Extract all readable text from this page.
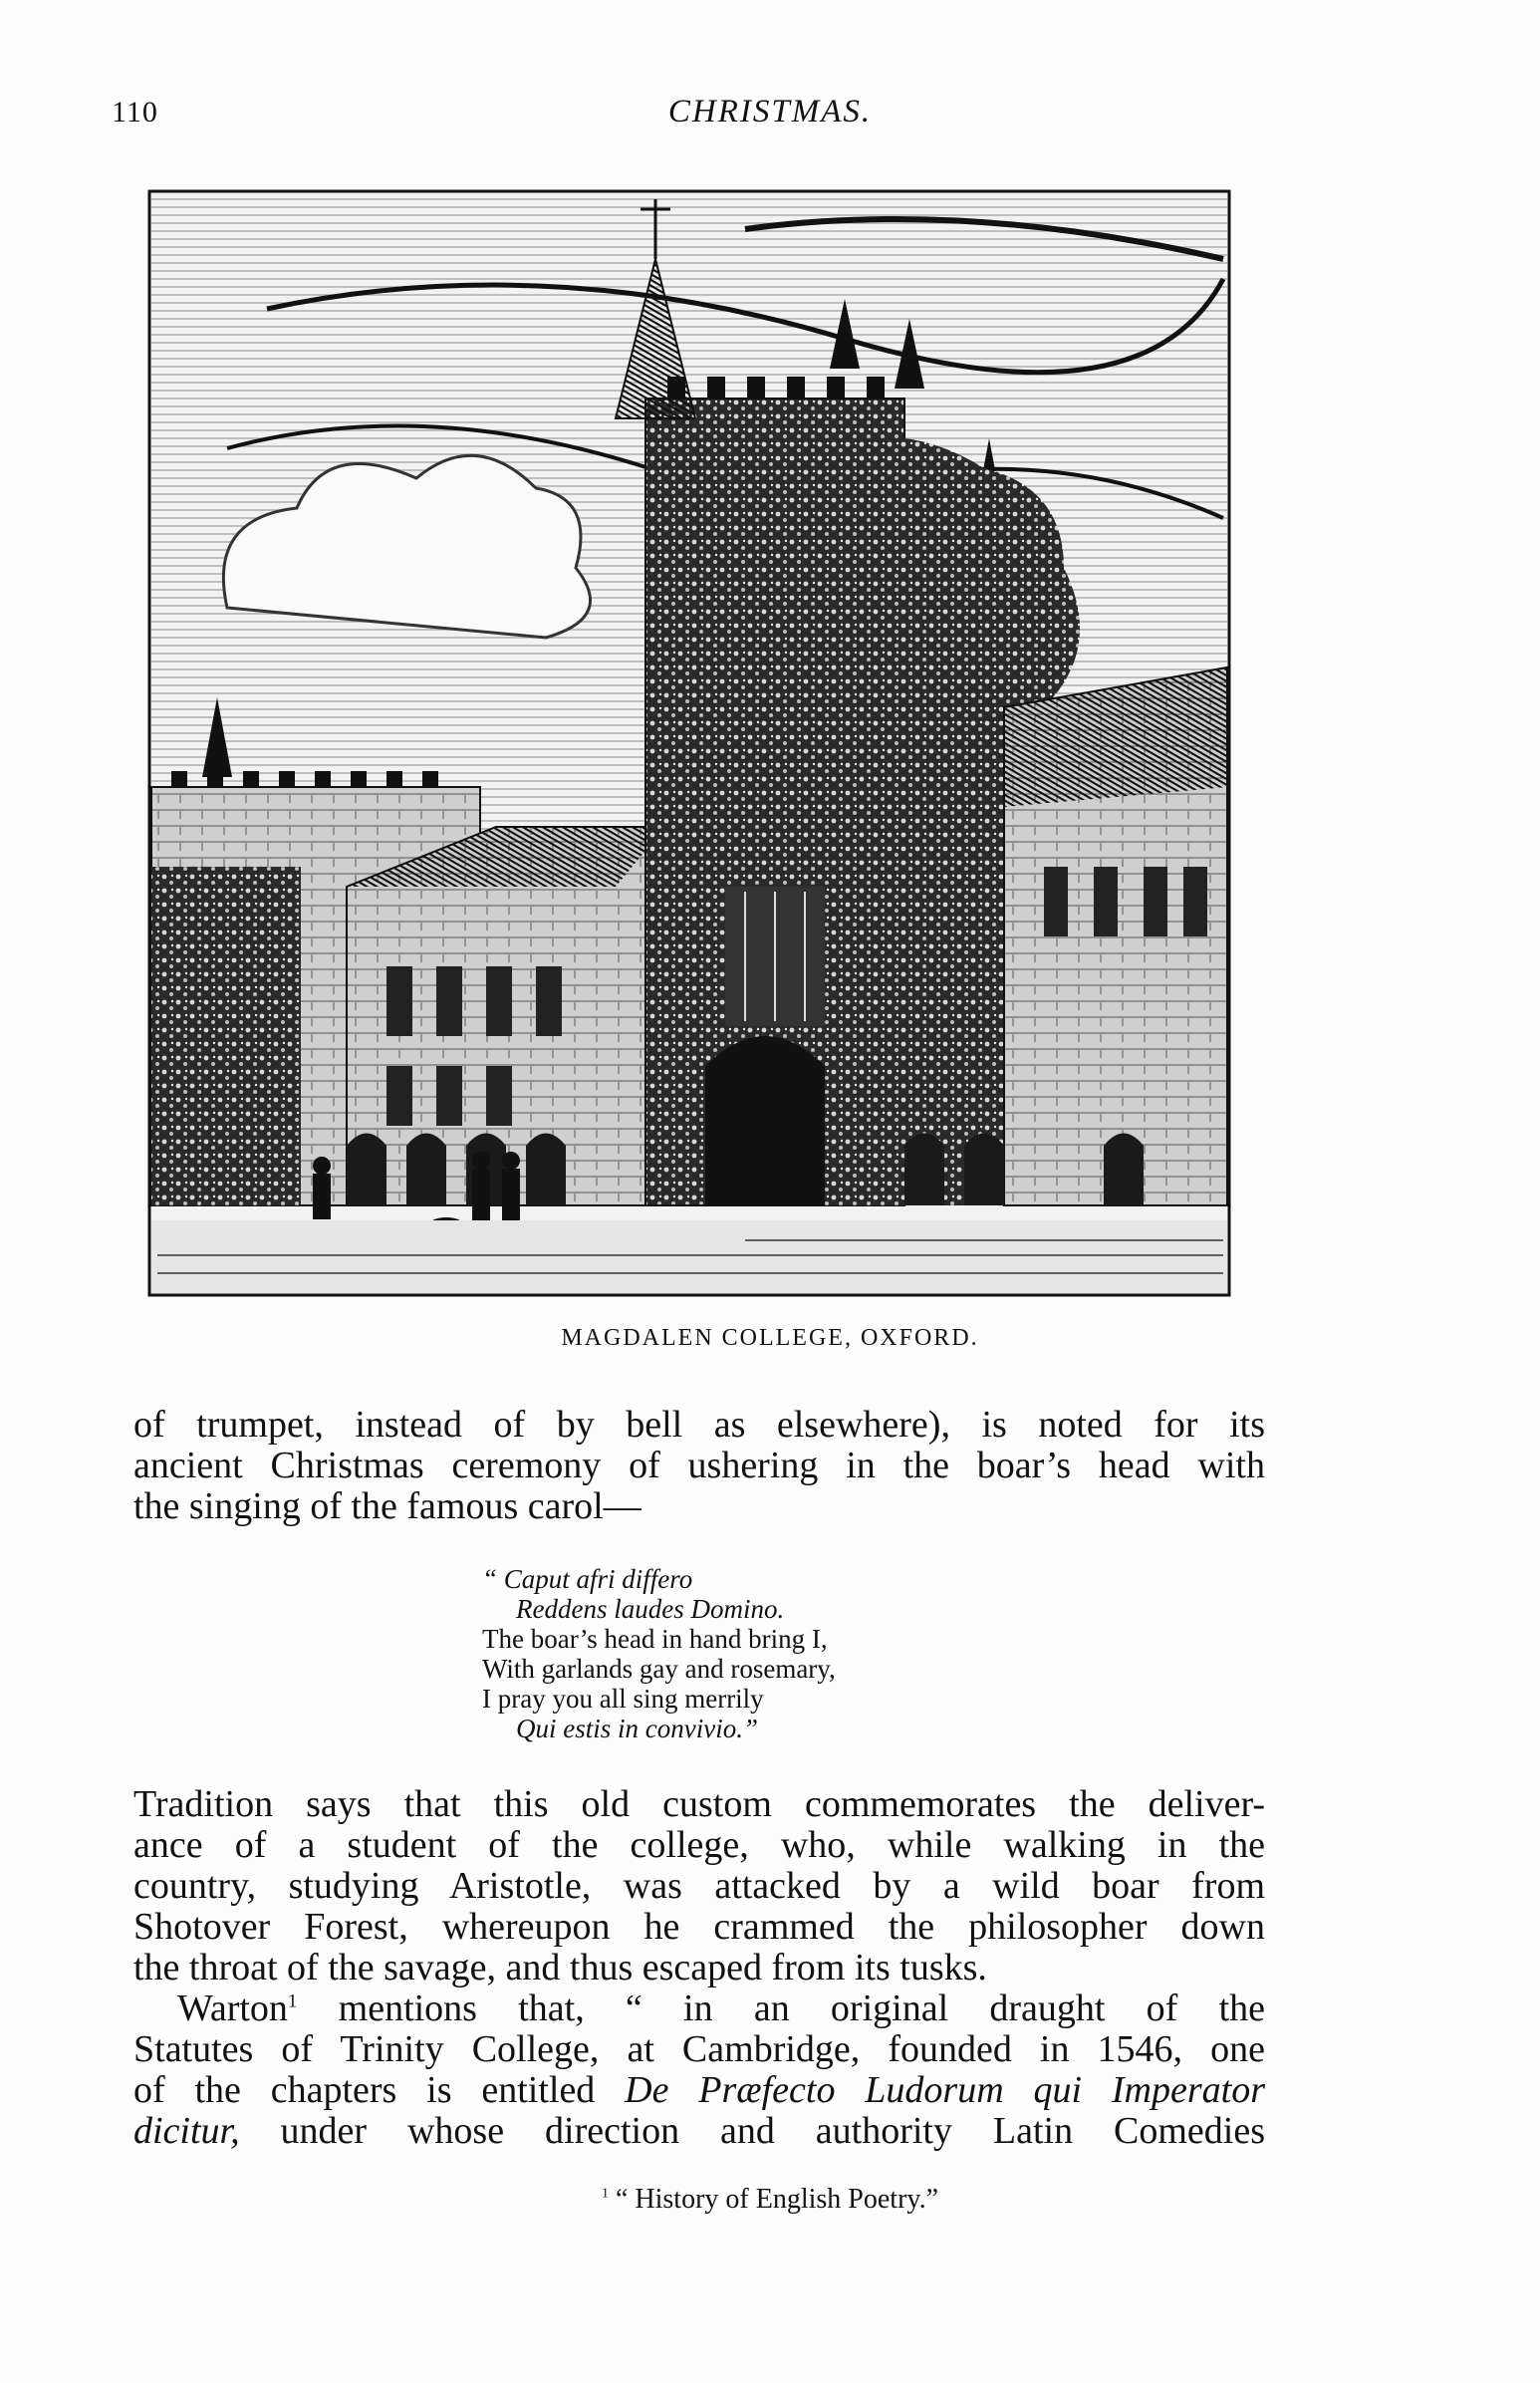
110	CHRISTMAS.
MAGDALEN COLLEGE, OXFORD.
of trumpet, instead of by bell as elsewhere), is noted for its
ancient Christmas ceremony of ushering in the boar’s head with
the singing of the famous carol—
“ Caput afri differo
Reddens laudes Domino.
The boar’s head in hand bring I,
With garlands gay and rosemary,
I pray you all sing merrily
Qui estis in convivio.”
Tradition says that this old custom commemorates the deliver-
ance of a student of the college, who, while walking in the
country, studying Aristotle, was attacked by a wild boar from
Shotover Forest, whereupon he crammed the philosopher down
the throat of the savage, and thus escaped from its tusks.
Warton$^1$ mentions that, “ in an original draught of the
Statutes of Trinity College, at Cambridge, founded in 1546, one
of the chapters is entitled De Præfecto Ludorum qui Imperator
dicitur, under whose direction and authority Latin Comedies
$^1$ “ History of English Poetry.”
